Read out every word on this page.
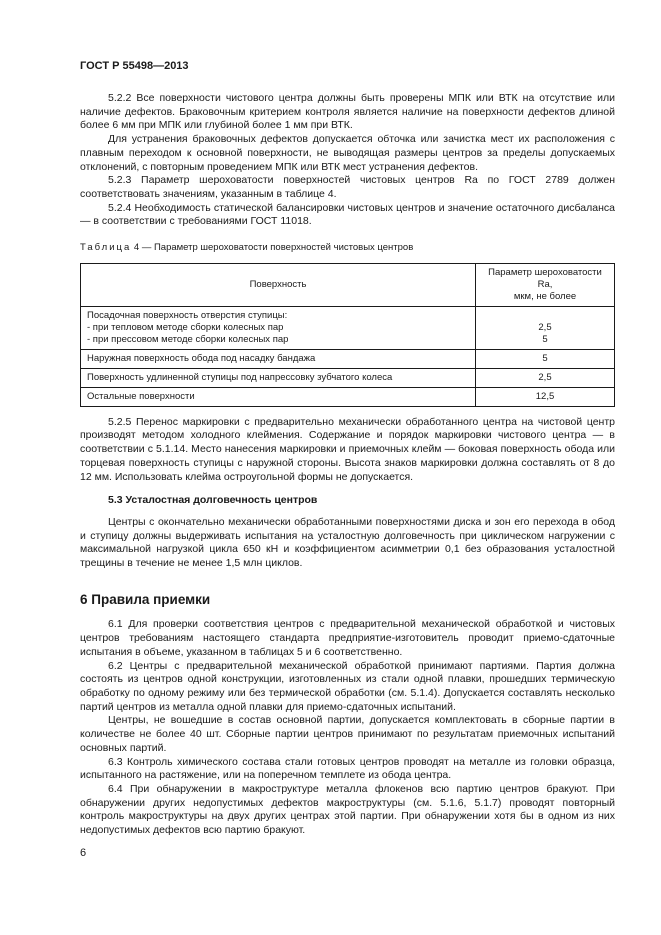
ГОСТ Р 55498—2013

5.2.2 Все поверхности чистового центра должны быть проверены МПК или ВТК на отсутствие или наличие дефектов. Браковочным критерием контроля является наличие на поверхности дефектов длиной более 6 мм при МПК или глубиной более 1 мм при ВТК.

Для устранения браковочных дефектов допускается обточка или зачистка мест их расположения с плавным переходом к основной поверхности, не выводящая размеры центров за пределы допускаемых отклонений, с повторным проведением МПК или ВТК мест устранения дефектов.

5.2.3 Параметр шероховатости поверхностей чистовых центров Ra по ГОСТ 2789 должен соответствовать значениям, указанным в таблице 4.

5.2.4 Необходимость статической балансировки чистовых центров и значение остаточного дисбаланса — в соответствии с требованиями ГОСТ 11018.

Таблица 4 — Параметр шероховатости поверхностей чистовых центров
Поверхность	Параметр шероховатости Ra,
мкм, не более

Посадочная поверхность отверстия ступицы:
- при тепловом методе сборки колесных пар
- при прессовом методе сборки колесных пар	2,5
5

Наружная поверхность обода под насадку бандажа	5
Поверхность удлиненной ступицы под напрессовку зубчатого колеса	2,5
Остальные поверхности	12,5

5.2.5 Перенос маркировки с предварительно механически обработанного центра на чистовой центр производят методом холодного клеймения. Содержание и порядок маркировки чистового центра — в соответствии с 5.1.14. Место нанесения маркировки и приемочных клейм — боковая поверхность обода или торцевая поверхность ступицы с наружной стороны. Высота знаков маркировки должна составлять от 8 до 12 мм. Использовать клейма остроугольной формы не допускается.

5.3 Усталостная долговечность центров

Центры с окончательно механически обработанными поверхностями диска и зон его перехода в обод и ступицу должны выдерживать испытания на усталостную долговечность при циклическом нагружении с максимальной нагрузкой цикла 650 кН и коэффициентом асимметрии 0,1 без образования усталостной трещины в течение не менее 1,5 млн циклов.

6 Правила приемки

6.1 Для проверки соответствия центров с предварительной механической обработкой и чистовых центров требованиям настоящего стандарта предприятие-изготовитель проводит приемо-сдаточные испытания в объеме, указанном в таблицах 5 и 6 соответственно.

6.2 Центры с предварительной механической обработкой принимают партиями. Партия должна состоять из центров одной конструкции, изготовленных из стали одной плавки, прошедших термическую обработку по одному режиму или без термической обработки (см. 5.1.4). Допускается составлять несколько партий центров из металла одной плавки для приемо-сдаточных испытаний.

Центры, не вошедшие в состав основной партии, допускается комплектовать в сборные партии в количестве не более 40 шт. Сборные партии центров принимают по результатам приемочных испытаний основных партий.

6.3 Контроль химического состава стали готовых центров проводят на металле из головки образца, испытанного на растяжение, или на поперечном темплете из обода центра.

6.4 При обнаружении в макроструктуре металла флокенов всю партию центров бракуют. При обнаружении других недопустимых дефектов макроструктуры (см. 5.1.6, 5.1.7) проводят повторный контроль макроструктуры на двух других центрах этой партии. При обнаружении хотя бы в одном из них недопустимых дефектов всю партию бракуют.

6
